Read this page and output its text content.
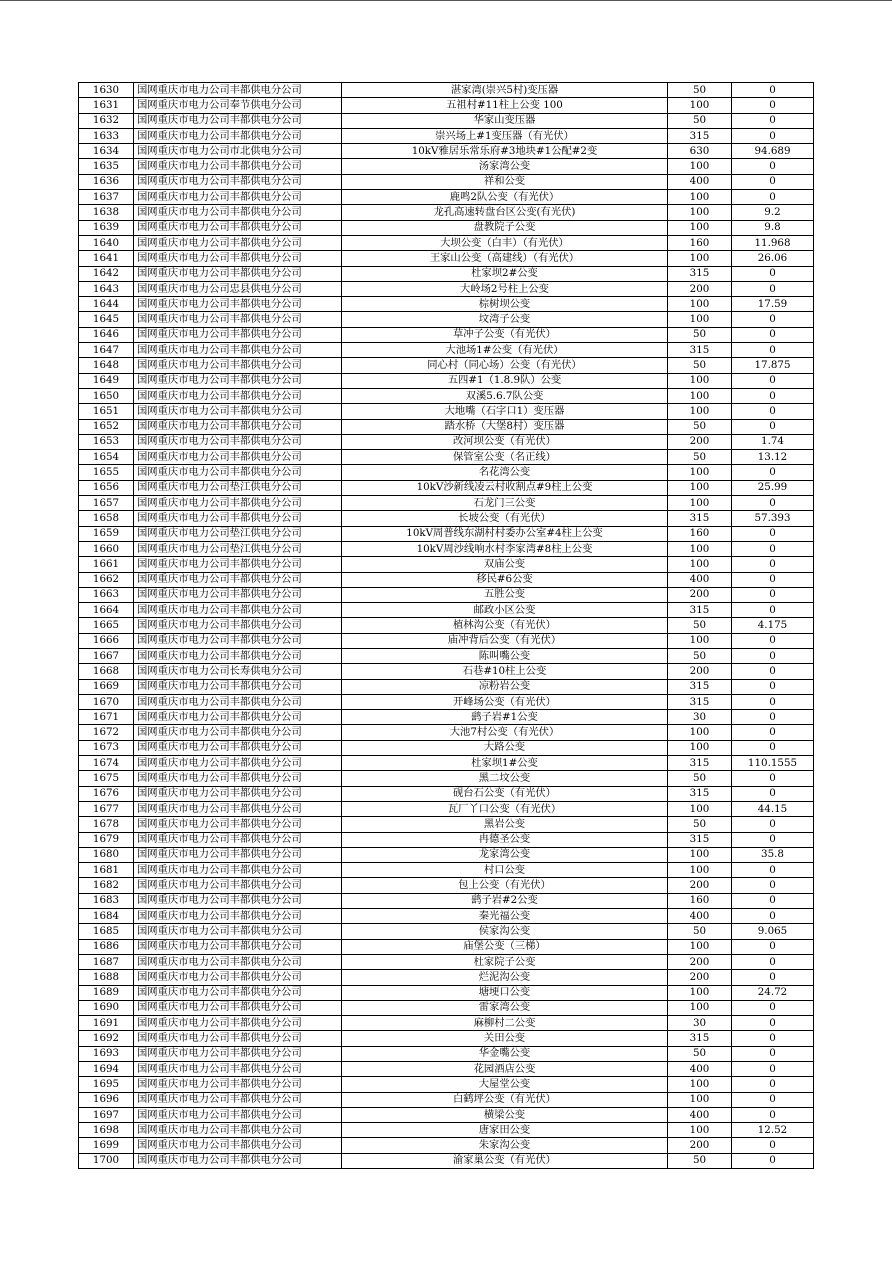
1630	国网重庆市电力公司丰都供电分公司	湛家湾(崇兴5村)变压器	50	0
1631	国网重庆市电力公司奉节供电分公司	五祖村#11柱上公变 100	100	0
1632	国网重庆市电力公司丰都供电分公司	华家山变压器	50	0
1633	国网重庆市电力公司丰都供电分公司	崇兴场上#1变压器（有光伏）	315	0
1634	国网重庆市电力公司市北供电分公司	10kV雅居乐常乐府#3地块#1公配#2变	630	94.689
1635	国网重庆市电力公司丰都供电分公司	汤家湾公变	100	0
1636	国网重庆市电力公司丰都供电分公司	祥和公变	400	0
1637	国网重庆市电力公司丰都供电分公司	鹿鸣2队公变（有光伏）	100	0
1638	国网重庆市电力公司丰都供电分公司	龙孔高速转盘台区公变(有光伏)	100	9.2
1639	国网重庆市电力公司丰都供电分公司	盘教院子公变	100	9.8
1640	国网重庆市电力公司丰都供电分公司	大坝公变（白丰）（有光伏）	160	11.968
1641	国网重庆市电力公司丰都供电分公司	王家山公变（高建线）（有光伏）	100	26.06
1642	国网重庆市电力公司丰都供电分公司	杜家坝2#公变	315	0
1643	国网重庆市电力公司忠县供电分公司	大岭场2号柱上公变	200	0
1644	国网重庆市电力公司丰都供电分公司	棕树坝公变	100	17.59
1645	国网重庆市电力公司丰都供电分公司	坟湾子公变	100	0
1646	国网重庆市电力公司丰都供电分公司	草冲子公变（有光伏）	50	0
1647	国网重庆市电力公司丰都供电分公司	大池场1#公变（有光伏）	315	0
1648	国网重庆市电力公司丰都供电分公司	同心村（同心场）公变（有光伏）	50	17.875
1649	国网重庆市电力公司丰都供电分公司	五四#1（1.8.9队）公变	100	0
1650	国网重庆市电力公司丰都供电分公司	双溪5.6.7队公变	100	0
1651	国网重庆市电力公司丰都供电分公司	大地嘴（石字口1）变压器	100	0
1652	国网重庆市电力公司丰都供电分公司	踏水桥（大堡8村）变压器	50	0
1653	国网重庆市电力公司丰都供电分公司	改河坝公变（有光伏）	200	1.74
1654	国网重庆市电力公司丰都供电分公司	保管室公变（名正线）	50	13.12
1655	国网重庆市电力公司丰都供电分公司	名花湾公变	100	0
1656	国网重庆市电力公司垫江供电分公司	10kV沙新线凌云村收割点#9柱上公变	100	25.99
1657	国网重庆市电力公司丰都供电分公司	石龙门三公变	100	0
1658	国网重庆市电力公司丰都供电分公司	长坡公变（有光伏）	315	57.393
1659	国网重庆市电力公司垫江供电分公司	10kV周普线东湖村村委办公室#4柱上公变	160	0
1660	国网重庆市电力公司垫江供电分公司	10kV周沙线响水村李家湾#8柱上公变	100	0
1661	国网重庆市电力公司丰都供电分公司	双庙公变	100	0
1662	国网重庆市电力公司丰都供电分公司	移民#6公变	400	0
1663	国网重庆市电力公司丰都供电分公司	五胜公变	200	0
1664	国网重庆市电力公司丰都供电分公司	邮政小区公变	315	0
1665	国网重庆市电力公司丰都供电分公司	植林沟公变（有光伏）	50	4.175
1666	国网重庆市电力公司丰都供电分公司	庙冲背后公变（有光伏）	100	0
1667	国网重庆市电力公司丰都供电分公司	陈叫嘴公变	50	0
1668	国网重庆市电力公司长寿供电分公司	石巷#10柱上公变	200	0
1669	国网重庆市电力公司丰都供电分公司	凉粉岩公变	315	0
1670	国网重庆市电力公司丰都供电分公司	开峰场公变（有光伏）	315	0
1671	国网重庆市电力公司丰都供电分公司	鹞子岩#1公变	30	0
1672	国网重庆市电力公司丰都供电分公司	大池7村公变（有光伏）	100	0
1673	国网重庆市电力公司丰都供电分公司	大路公变	100	0
1674	国网重庆市电力公司丰都供电分公司	杜家坝1#公变	315	110.1555
1675	国网重庆市电力公司丰都供电分公司	黑二坟公变	50	0
1676	国网重庆市电力公司丰都供电分公司	砚台石公变（有光伏）	315	0
1677	国网重庆市电力公司丰都供电分公司	瓦厂丫口公变（有光伏）	100	44.15
1678	国网重庆市电力公司丰都供电分公司	黑岩公变	50	0
1679	国网重庆市电力公司丰都供电分公司	冉德圣公变	315	0
1680	国网重庆市电力公司丰都供电分公司	龙家湾公变	100	35.8
1681	国网重庆市电力公司丰都供电分公司	村口公变	100	0
1682	国网重庆市电力公司丰都供电分公司	包上公变（有光伏）	200	0
1683	国网重庆市电力公司丰都供电分公司	鹞子岩#2公变	160	0
1684	国网重庆市电力公司丰都供电分公司	秦光福公变	400	0
1685	国网重庆市电力公司丰都供电分公司	侯家沟公变	50	9.065
1686	国网重庆市电力公司丰都供电分公司	庙堡公变（三梯）	100	0
1687	国网重庆市电力公司丰都供电分公司	杜家院子公变	200	0
1688	国网重庆市电力公司丰都供电分公司	烂泥沟公变	200	0
1689	国网重庆市电力公司丰都供电分公司	塘埂口公变	100	24.72
1690	国网重庆市电力公司丰都供电分公司	雷家湾公变	100	0
1691	国网重庆市电力公司丰都供电分公司	麻柳村二公变	30	0
1692	国网重庆市电力公司丰都供电分公司	关田公变	315	0
1693	国网重庆市电力公司丰都供电分公司	华金嘴公变	50	0
1694	国网重庆市电力公司丰都供电分公司	花园酒店公变	400	0
1695	国网重庆市电力公司丰都供电分公司	大屋堂公变	100	0
1696	国网重庆市电力公司丰都供电分公司	白鹤坪公变（有光伏）	100	0
1697	国网重庆市电力公司丰都供电分公司	横梁公变	400	0
1698	国网重庆市电力公司丰都供电分公司	唐家田公变	100	12.52
1699	国网重庆市电力公司丰都供电分公司	朱家沟公变	200	0
1700	国网重庆市电力公司丰都供电分公司	渝家巢公变（有光伏）	50	0
